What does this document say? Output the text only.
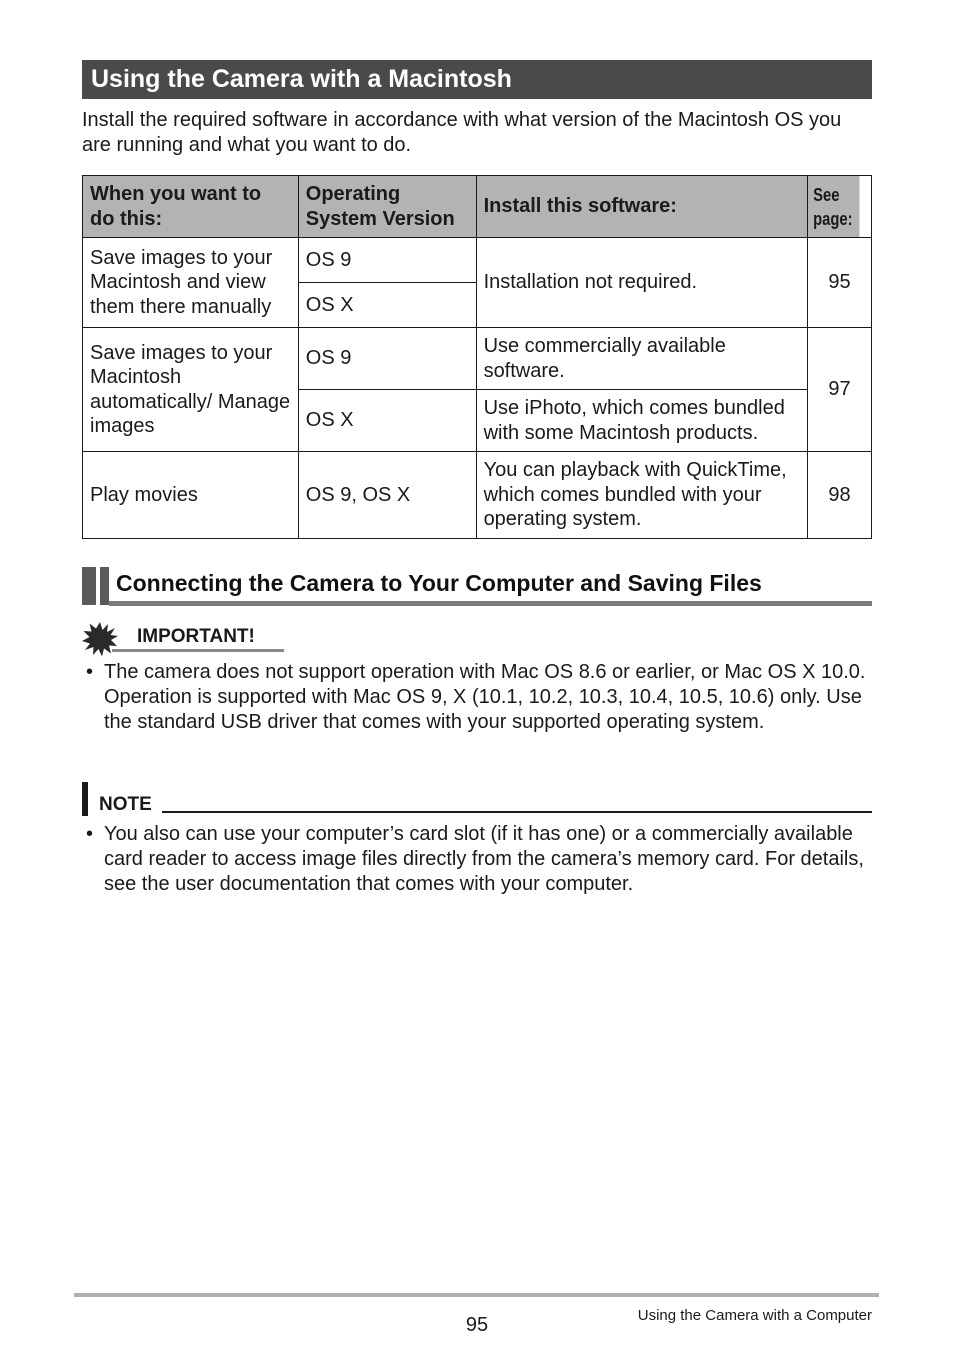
Using the Camera with a Macintosh

Install the required software in accordance with what version of the Macintosh OS you are running and what you want to do.

When you want to do this:	Operating System Version	Install this software:	See page:
Save images to your Macintosh and view them there manually	OS 9	Installation not required.	95
	OS X		
Save images to your Macintosh automatically/ Manage images	OS 9	Use commercially available software.	97
	OS X	Use iPhoto, which comes bundled with some Macintosh products.	
Play movies	OS 9, OS X	You can playback with QuickTime, which comes bundled with your operating system.	98
Connecting the Camera to Your Computer and Saving Files
IMPORTANT!
• The camera does not support operation with Mac OS 8.6 or earlier, or Mac OS X 10.0. Operation is supported with Mac OS 9, X (10.1, 10.2, 10.3, 10.4, 10.5, 10.6) only. Use the standard USB driver that comes with your supported operating system.
NOTE
• You also can use your computer’s card slot (if it has one) or a commercially available card reader to access image files directly from the camera’s memory card. For details, see the user documentation that comes with your computer.
95	Using the Camera with a Computer
